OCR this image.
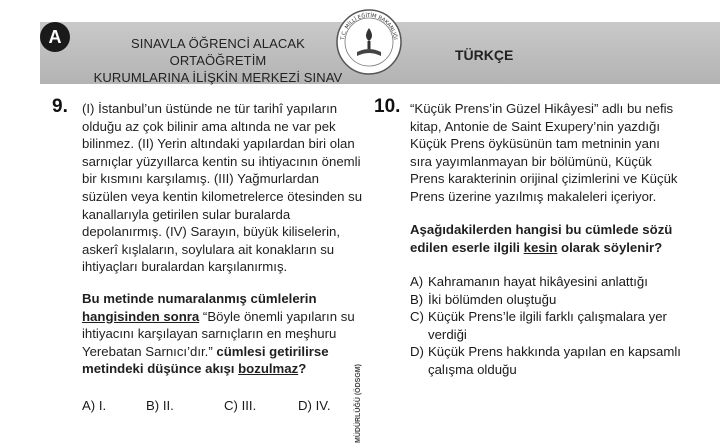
A	SINAVLA ÖĞRENCİ ALACAK ORTAÖĞRETİM
KURUMLARINA İLİŞKİN MERKEZİ SINAV
T.C. MİLLÎ EĞİTİM BAKANLIĞI
TÜRKÇE
9. (I) İstanbul’un üstünde ne tür tarihî yapıların olduğu az çok bilinir ama altında ne var pek bilinmez. (II) Yerin altındaki yapılardan biri olan sarnıçlar yüzyıllarca kentin su ihtiyacının önemli bir kısmını karşılamış. (III) Yağmurlardan süzülen veya kentin kilometrelerce ötesinden su kanallarıyla getirilen sular buralarda depolanırmış. (IV) Sarayın, büyük kiliselerin, askerî kışlaların, soylulara ait konakların su ihtiyaçları buralardan karşılanırmış.
Bu metinde numaralanmış cümlelerin hangisinden sonra “Böyle önemli yapıların su ihtiyacını karşılayan sarnıçların en meşhuru Yerebatan Sarnıcı’dır.” cümlesi getirilirse metindeki düşünce akışı bozulmaz?
A) I.	B) II.	C) III.	D) IV.	MÜDÜRLÜĞÜ (ÖDSGM)
10. “Küçük Prens’in Güzel Hikâyesi” adlı bu nefis kitap, Antonie de Saint Exupery’nin yazdığı Küçük Prens öyküsünün tam metninin yanı sıra yayımlanmayan bir bölümünü, Küçük Prens karakterinin orijinal çizimlerini ve Küçük Prens üzerine yazılmış makaleleri içeriyor.
Aşağıdakilerden hangisi bu cümlede sözü edilen eserle ilgili kesin olarak söylenir?
A) Kahramanın hayat hikâyesini anlattığı
B) İki bölümden oluştuğu
C) Küçük Prens’le ilgili farklı çalışmalara yer verdiği
D) Küçük Prens hakkında yapılan en kapsamlı çalışma olduğu
